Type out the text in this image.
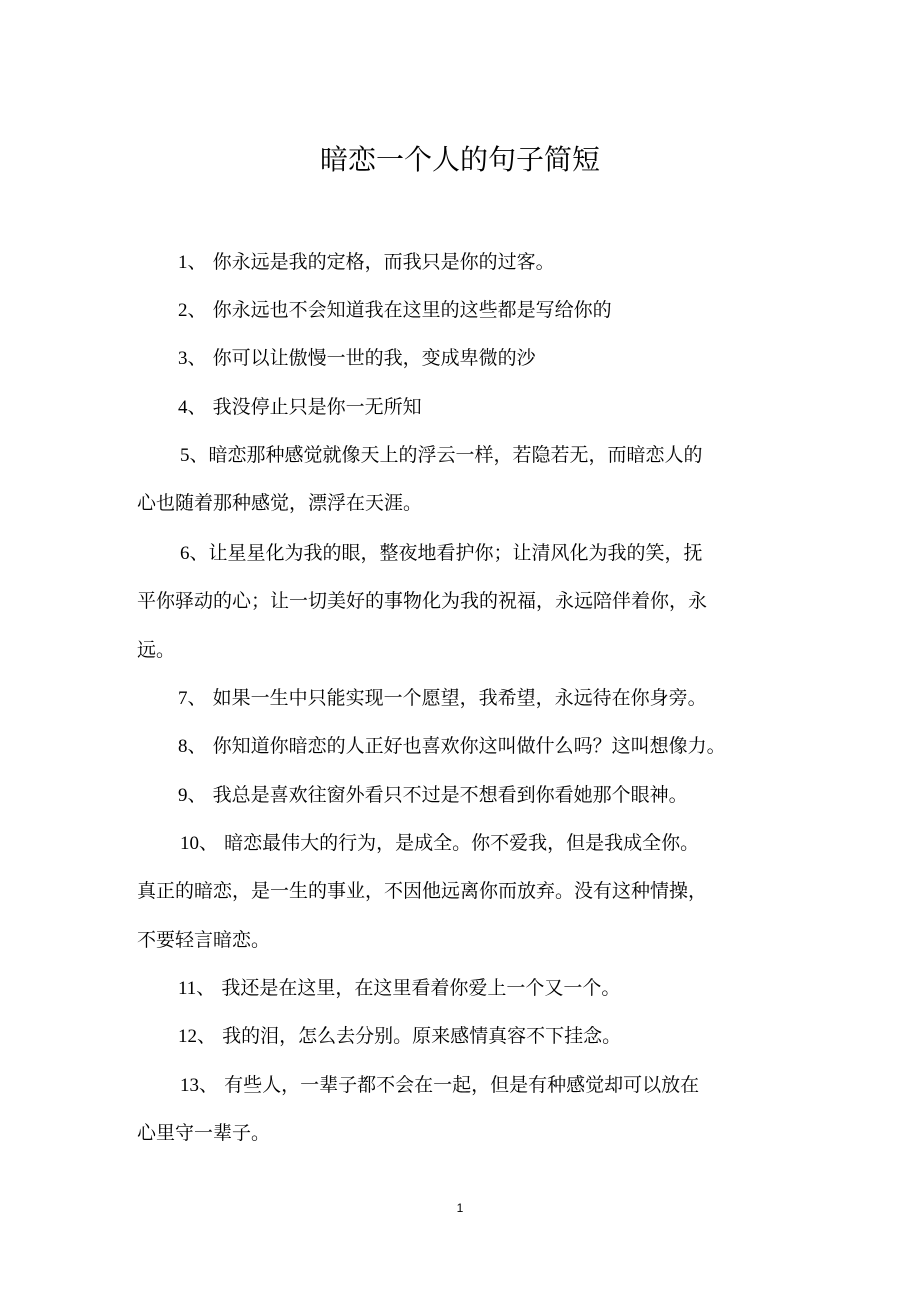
暗恋一个人的句子简短
1、 你永远是我的定格，而我只是你的过客。
2、 你永远也不会知道我在这里的这些都是写给你的
3、 你可以让傲慢一世的我，变成卑微的沙
4、 我没停止只是你一无所知
5、暗恋那种感觉就像天上的浮云一样，若隐若无，而暗恋人的
心也随着那种感觉，漂浮在天涯。
6、让星星化为我的眼，整夜地看护你；让清风化为我的笑，抚
平你驿动的心；让一切美好的事物化为我的祝福，永远陪伴着你，永
远。
7、 如果一生中只能实现一个愿望，我希望，永远待在你身旁。
8、 你知道你暗恋的人正好也喜欢你这叫做什么吗？这叫想像力。
9、 我总是喜欢往窗外看只不过是不想看到你看她那个眼神。
10、 暗恋最伟大的行为，是成全。你不爱我，但是我成全你。
真正的暗恋，是一生的事业，不因他远离你而放弃。没有这种情操，
不要轻言暗恋。
11、 我还是在这里，在这里看着你爱上一个又一个。
12、 我的泪，怎么去分别。原来感情真容不下挂念。
13、 有些人，一辈子都不会在一起，但是有种感觉却可以放在
心里守一辈子。
1
